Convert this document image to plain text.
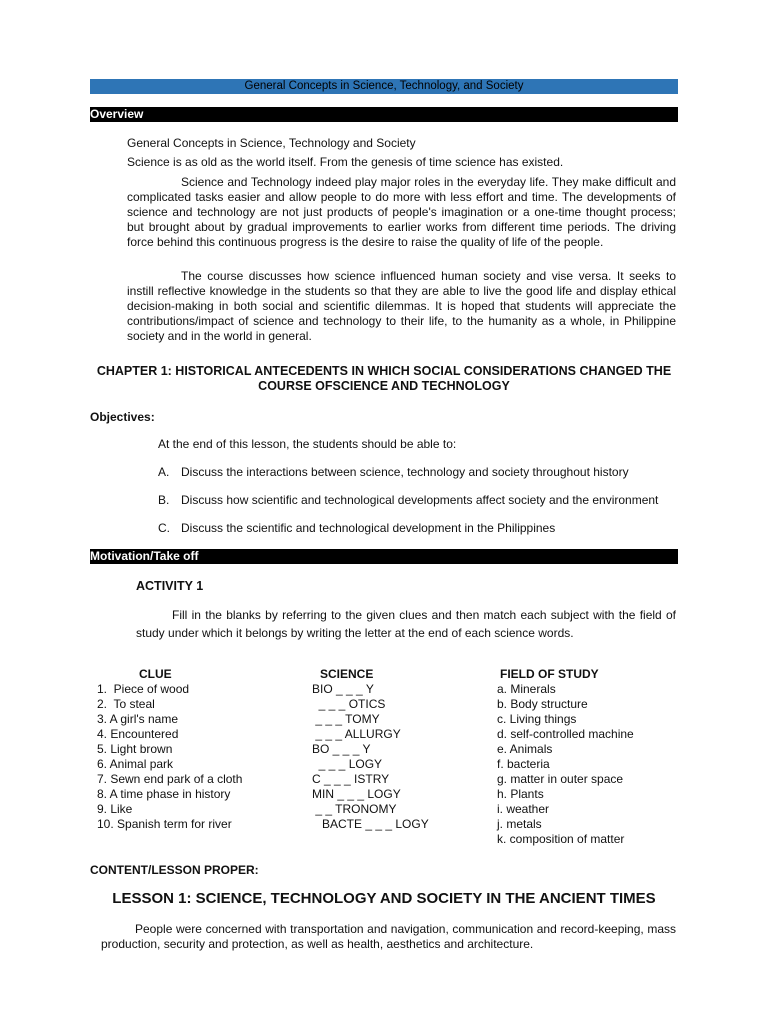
General Concepts in Science, Technology, and Society
Overview
General Concepts in Science, Technology and Society
Science is as old as the world itself. From the genesis of time science has existed.
Science and Technology indeed play major roles in the everyday life. They make difficult and complicated tasks easier and allow people to do more with less effort and time. The developments of science and technology are not just products of people's imagination or a one-time thought process; but brought about by gradual improvements to earlier works from different time periods. The driving force behind this continuous progress is the desire to raise the quality of life of the people.
The course discusses how science influenced human society and vise versa. It seeks to instill reflective knowledge in the students so that they are able to live the good life and display ethical decision-making in both social and scientific dilemmas. It is hoped that students will appreciate the contributions/impact of science and technology to their life, to the humanity as a whole, in Philippine society and in the world in general.
CHAPTER 1: HISTORICAL ANTECEDENTS IN WHICH SOCIAL CONSIDERATIONS CHANGED THE
COURSE OFSCIENCE AND TECHNOLOGY
Objectives:
At the end of this lesson, the students should be able to:
A. Discuss the interactions between science, technology and society throughout history
B. Discuss how scientific and technological developments affect society and the environment
C. Discuss the scientific and technological development in the Philippines
Motivation/Take off
ACTIVITY 1
Fill in the blanks by referring to the given clues and then match each subject with the field of study under which it belongs by writing the letter at the end of each science words.
CLUE
1.  Piece of wood
2.  To steal
3. A girl's name
4. Encountered
5. Light brown
6. Animal park
7. Sewn end park of a cloth
8. A time phase in history
9. Like
10. Spanish term for river
SCIENCE
BIO _ _ _ Y
_ _ _ OTICS
_ _ _ TOMY
_ _ _ ALLURGY
BO _ _ _ Y
_ _ _ LOGY
C _ _ _ ISTRY
MIN _ _ _ LOGY
_ _ TRONOMY
BACTE _ _ _ LOGY
FIELD OF STUDY
a. Minerals
b. Body structure
c. Living things
d. self-controlled machine
e. Animals
f. bacteria
g. matter in outer space
h. Plants
i. weather
j. metals
k. composition of matter
CONTENT/LESSON PROPER:
LESSON 1: SCIENCE, TECHNOLOGY AND SOCIETY IN THE ANCIENT TIMES
People were concerned with transportation and navigation, communication and record-keeping, mass production, security and protection, as well as health, aesthetics and architecture.
